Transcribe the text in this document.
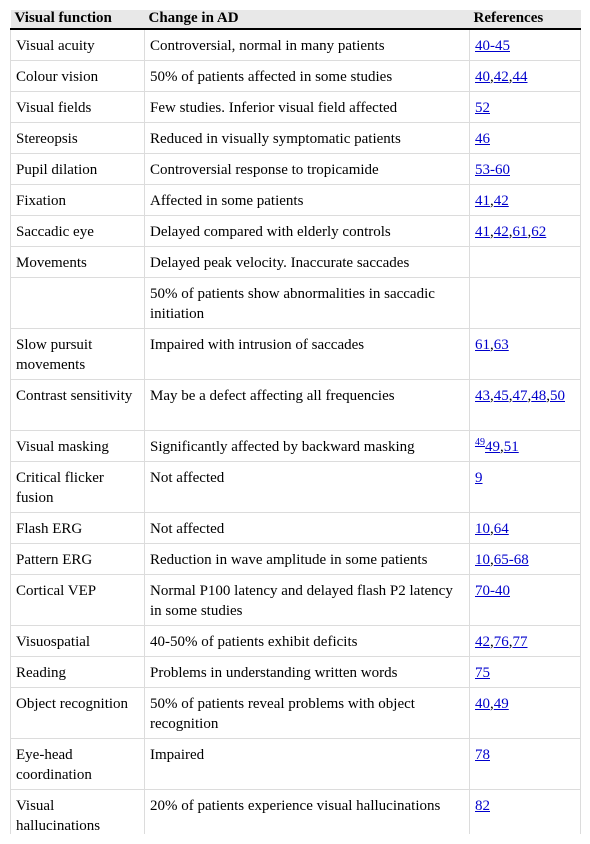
Visual function	Change in AD	References
Visual acuity	Controversial, normal in many patients	40-45
Colour vision	50% of patients affected in some studies	40,42,44
Visual fields	Few studies. Inferior visual field affected	52
Stereopsis	Reduced in visually symptomatic patients	46
Pupil dilation	Controversial response to tropicamide	53-60
Fixation	Affected in some patients	41,42
Saccadic eye	Delayed compared with elderly controls	41,42,61,62
Movements	Delayed peak velocity. Inaccurate saccades	
	50% of patients show abnormalities in saccadic initiation	
Slow pursuit movements	Impaired with intrusion of saccades	61,63
Contrast sensitivity	May be a defect affecting all frequencies	43,45,47,48,50
Visual masking	Significantly affected by backward masking	$^{49}$49,51
Critical flicker fusion	Not affected	9
Flash ERG	Not affected	10,64
Pattern ERG	Reduction in wave amplitude in some patients	10,65-68
Cortical VEP	Normal P100 latency and delayed flash P2 latency in some studies	70-40
Visuospatial	40-50% of patients exhibit deficits	42,76,77
Reading	Problems in understanding written words	75
Object recognition	50% of patients reveal problems with object recognition	40,49
Eye-head coordination	Impaired	78
Visual hallucinations	20% of patients experience visual hallucinations	82
